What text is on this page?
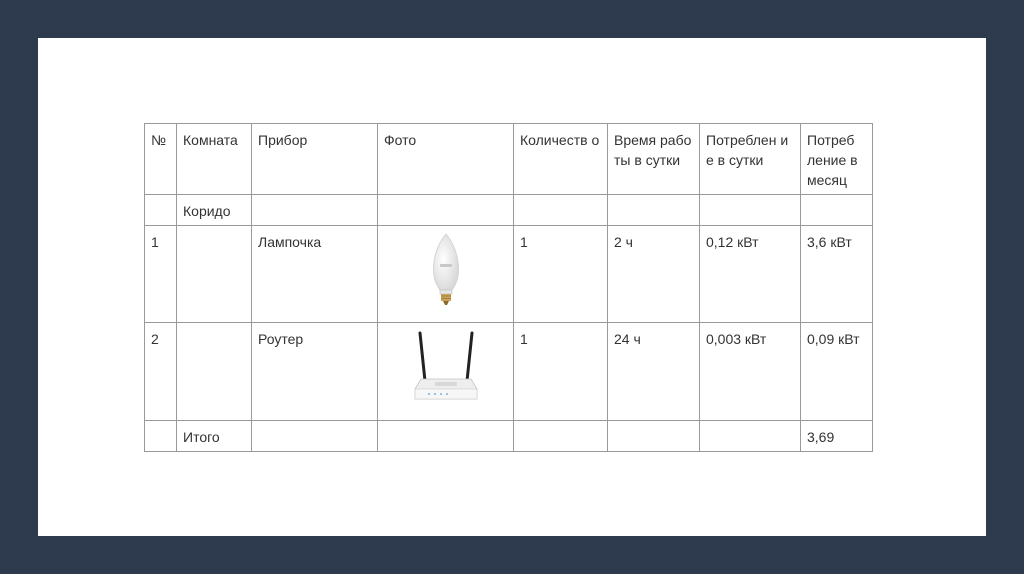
№	Комната	Прибор	Фото	Количеств о	Время работы в сутки	Потреблен ие в сутки	Потреб ление в месяц

	Коридо						
1		Лампочка		1	2 ч	0,12 кВт	3,6 кВт
2		Роутер		1	24 ч	0,003 кВт	0,09 кВт
	Итого						3,69
